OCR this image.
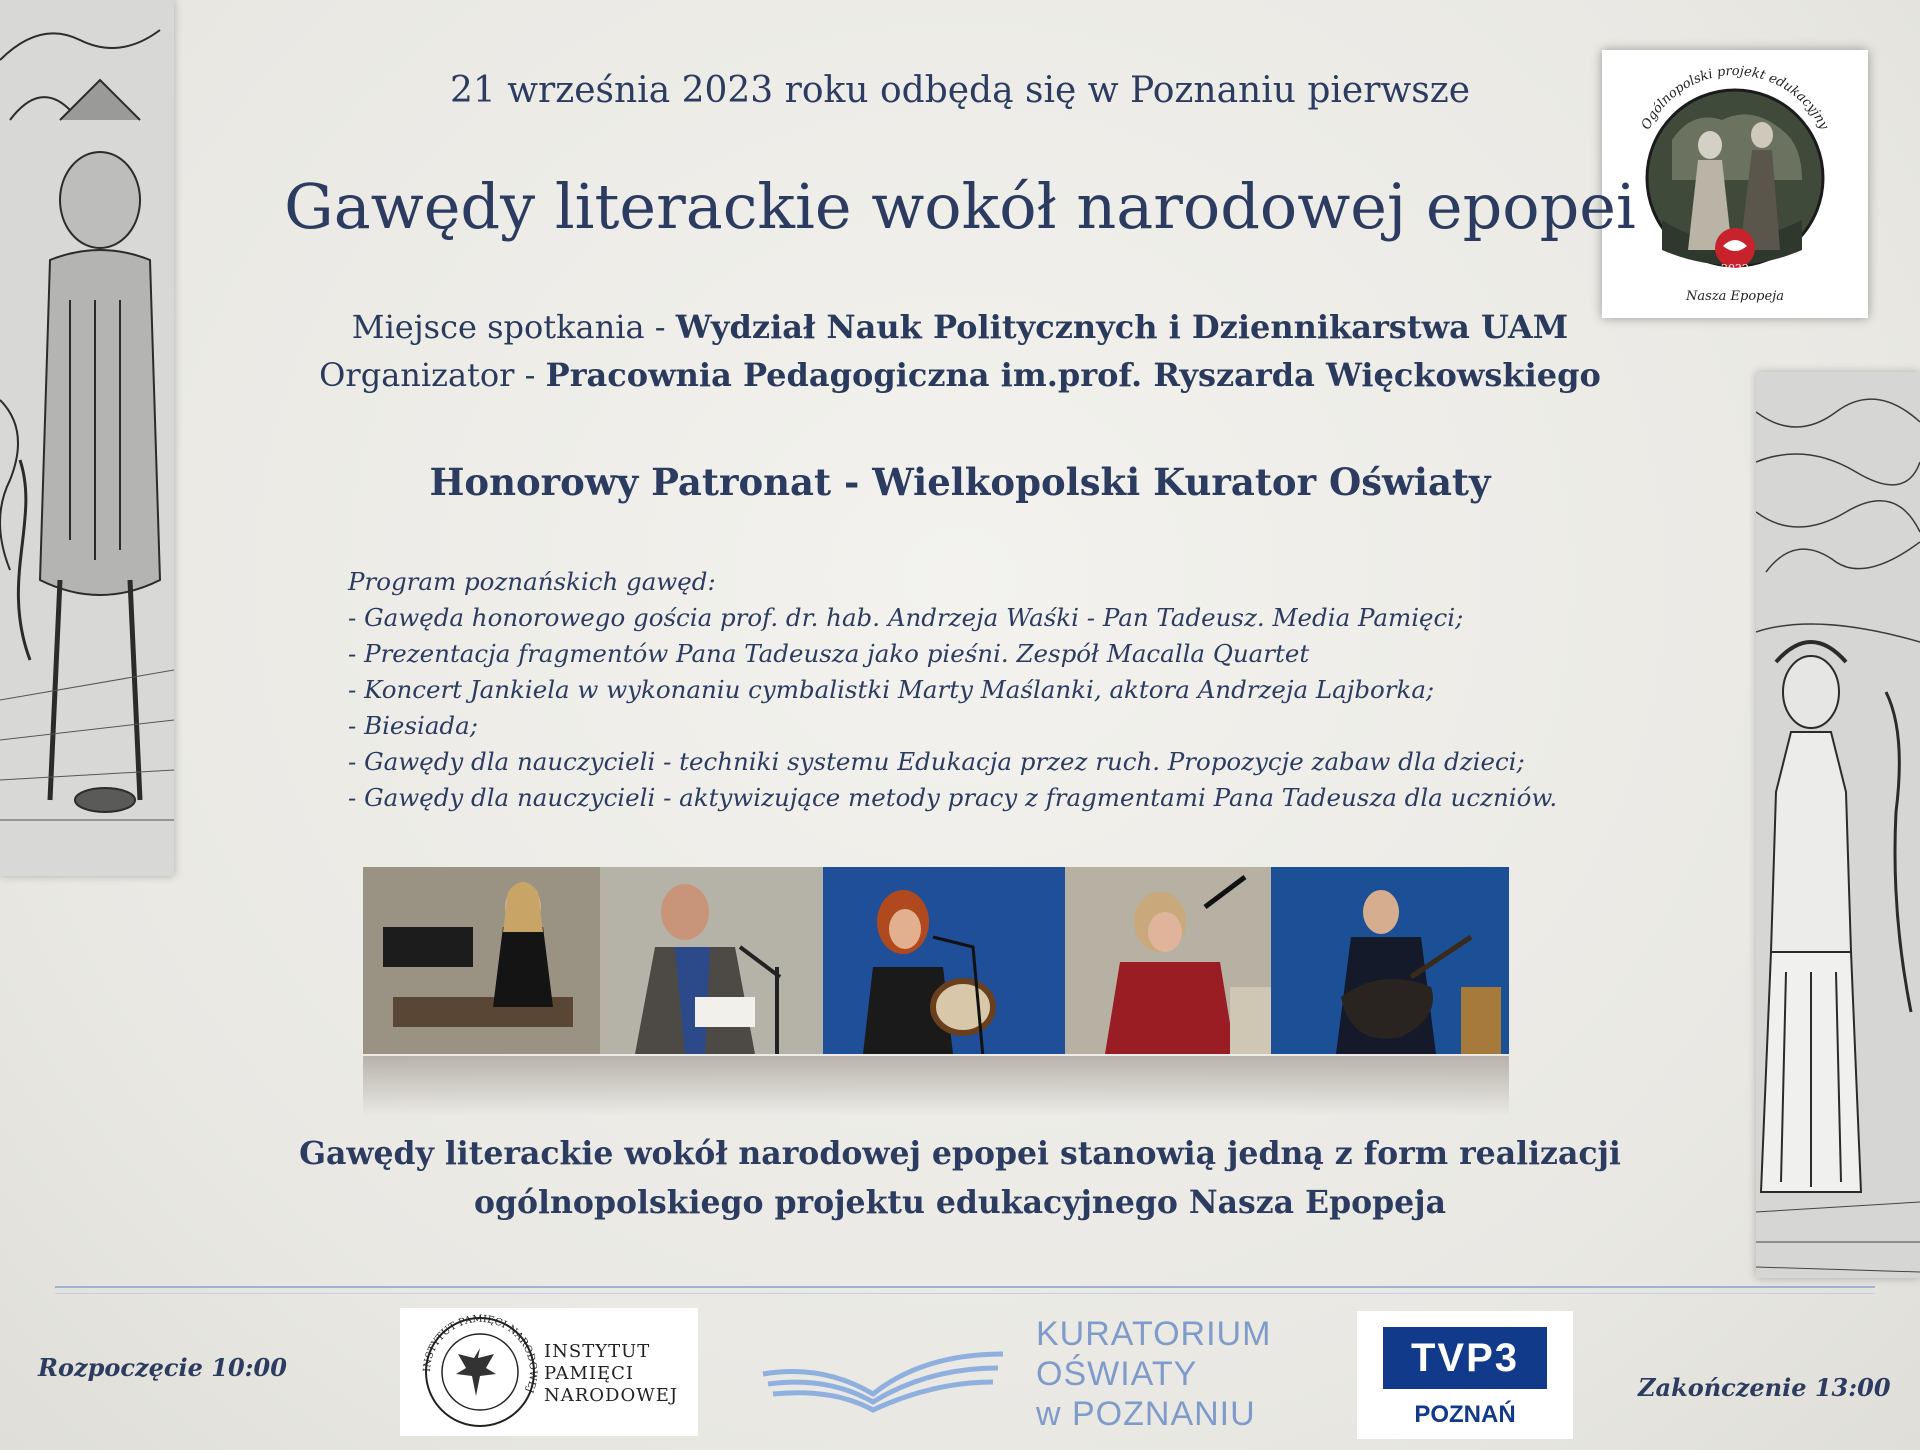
Ogólnopolski projekt edukacyjny
2022
Nasza Epopeja
21 września 2023 roku odbędą się w Poznaniu pierwsze
Gawędy literackie wokół narodowej epopei
Miejsce spotkania - Wydział Nauk Politycznych i Dziennikarstwa UAM
Organizator - Pracownia Pedagogiczna im.prof. Ryszarda Więckowskiego
Honorowy Patronat - Wielkopolski Kurator Oświaty
Program poznańskich gawęd:
- Gawęda honorowego gościa prof. dr. hab. Andrzeja Waśki - Pan Tadeusz. Media Pamięci;
- Prezentacja fragmentów Pana Tadeusza jako pieśni. Zespół Macalla Quartet
- Koncert Jankiela w wykonaniu cymbalistki Marty Maślanki, aktora Andrzeja Lajborka;
- Biesiada;
- Gawędy dla nauczycieli - techniki systemu Edukacja przez ruch. Propozycje zabaw dla dzieci;
- Gawędy dla nauczycieli - aktywizujące metody pracy z fragmentami Pana Tadeusza dla uczniów.
Gawędy literackie wokół narodowej epopei stanowią jedną z form realizacji
ogólnopolskiego projektu edukacyjnego Nasza Epopeja
Rozpoczęcie 10:00
Zakończenie 13:00
INSTYTUT PAMIĘCI NARODOWEJ
INSTYTUT
PAMIĘCI
NARODOWEJ
KURATORIUM
OŚWIATY
w POZNANIU
TVP3
POZNAŃ
